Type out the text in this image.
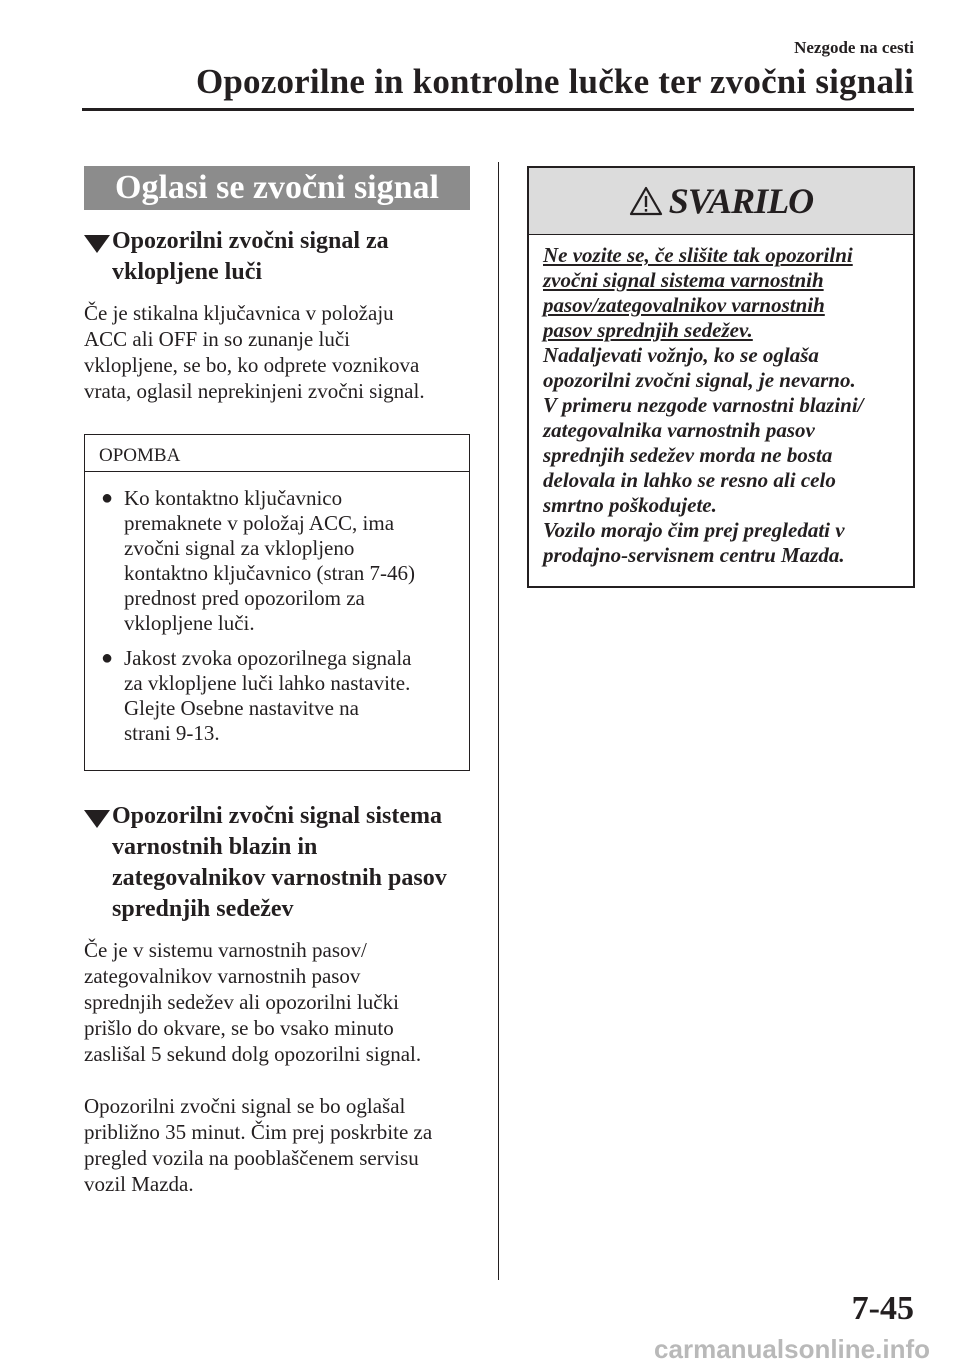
Nezgode na cesti
Opozorilne in kontrolne lučke ter zvočni signali
Oglasi se zvočni signal
Opozorilni zvočni signal za
vklopljene luči
Če je stikalna ključavnica v položaju
ACC ali OFF in so zunanje luči
vklopljene, se bo, ko odprete voznikova
vrata, oglasil neprekinjeni zvočni signal.
OPOMBA
● Ko kontaktno ključavnico
premaknete v položaj ACC, ima
zvočni signal za vklopljeno
kontaktno ključavnico (stran 7-46)
prednost pred opozorilom za
vklopljene luči.
● Jakost zvoka opozorilnega signala
za vklopljene luči lahko nastavite.
Glejte Osebne nastavitve na
strani 9-13.
Opozorilni zvočni signal sistema
varnostnih blazin in
zategovalnikov varnostnih pasov
sprednjih sedežev
Če je v sistemu varnostnih pasov/
zategovalnikov varnostnih pasov
sprednjih sedežev ali opozorilni lučki
prišlo do okvare, se bo vsako minuto
zaslišal 5 sekund dolg opozorilni signal.
Opozorilni zvočni signal se bo oglašal
približno 35 minut. Čim prej poskrbite za
pregled vozila na pooblaščenem servisu
vozil Mazda.
SVARILO
Ne vozite se, če slišite tak opozorilni
zvočni signal sistema varnostnih
pasov/zategovalnikov varnostnih
pasov sprednjih sedežev.
Nadaljevati vožnjo, ko se oglaša
opozorilni zvočni signal, je nevarno.
V primeru nezgode varnostni blazini/
zategovalnika varnostnih pasov
sprednjih sedežev morda ne bosta
delovala in lahko se resno ali celo
smrtno poškodujete.
Vozilo morajo čim prej pregledati v
prodajno-servisnem centru Mazda.
7-45
carmanualsonline.info
